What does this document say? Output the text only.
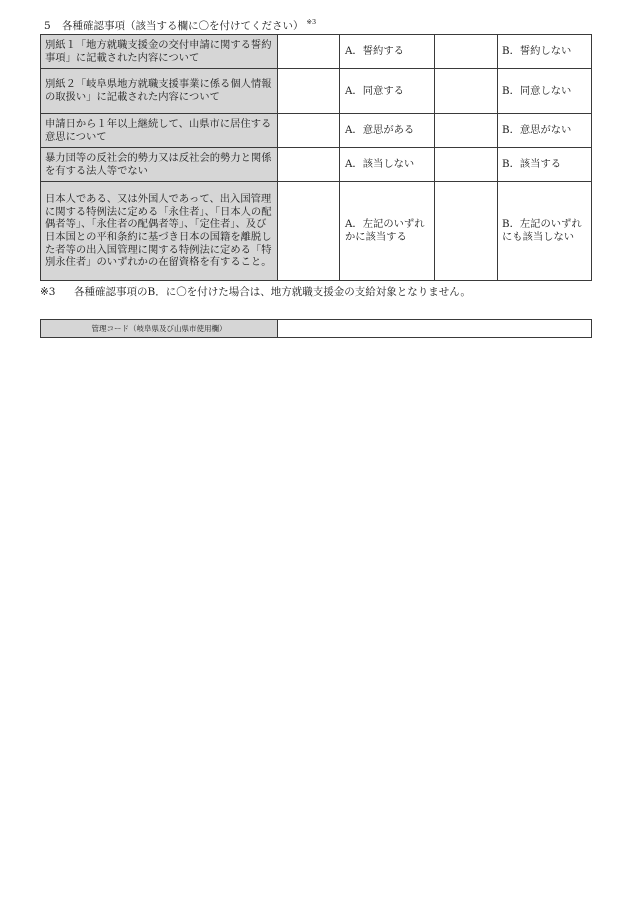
5 各種確認事項（該当する欄に〇を付けてください） $^{※3}$
別紙１「地方就職支援金の交付申請に関する誓約事項」に記載された内容について		A．誓約する		B．誓約しない
別紙２「岐阜県地方就職支援事業に係る個人情報の取扱い」に記載された内容について		A．同意する		B．同意しない
申請日から１年以上継続して、山県市に居住する意思について		A．意思がある		B．意思がない
暴力団等の反社会的勢力又は反社会的勢力と関係を有する法人等でない		A．該当しない		B．該当する
日本人である、又は外国人であって、出入国管理に関する特例法に定める「永住者」、「日本人の配偶者等」、「永住者の配偶者等」、「定住者」、及び日本国との平和条約に基づき日本の国籍を離脱した者等の出入国管理に関する特例法に定める「特別永住者」のいずれかの在留資格を有すること。		A．左記のいずれかに該当する		B．左記のいずれにも該当しない
※3 各種確認事項のB．に〇を付けた場合は、地方就職支援金の支給対象となりません。
管理コード（岐阜県及び山県市使用欄）	
